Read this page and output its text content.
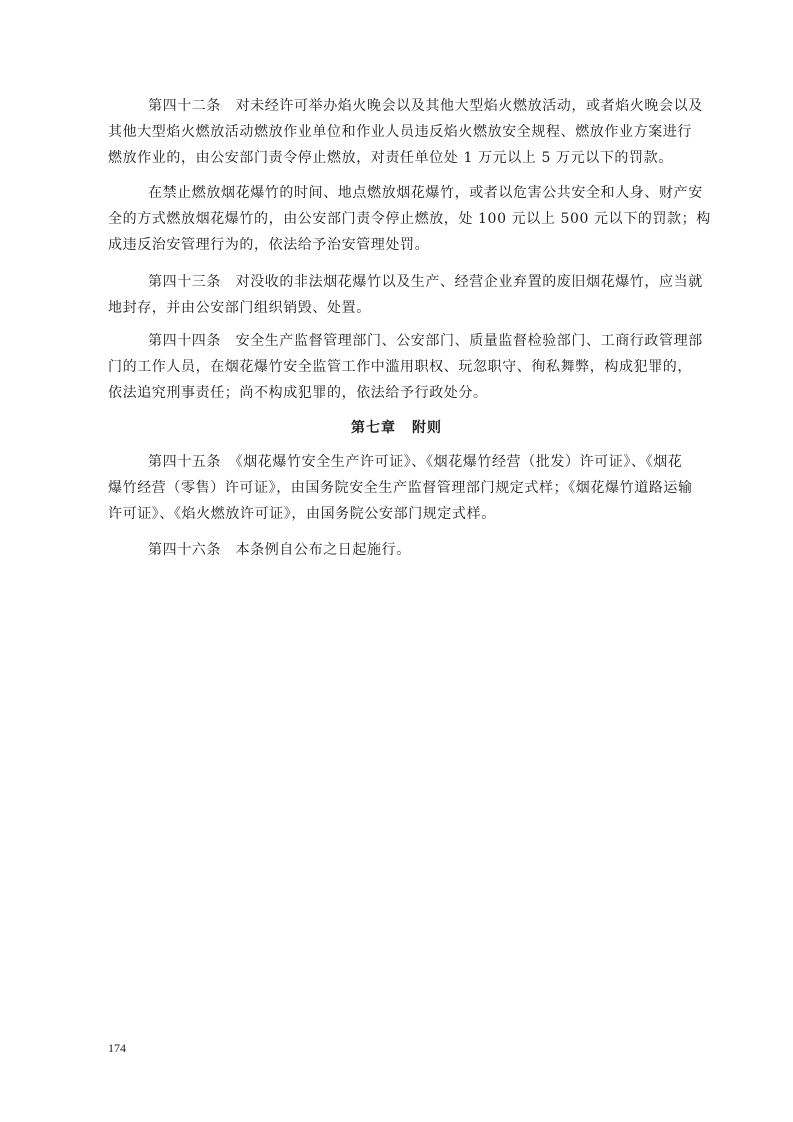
第四十二条　对未经许可举办焰火晚会以及其他大型焰火燃放活动，或者焰火晚会以及
其他大型焰火燃放活动燃放作业单位和作业人员违反焰火燃放安全规程、燃放作业方案进行
燃放作业的，由公安部门责令停止燃放，对责任单位处 1 万元以上 5 万元以下的罚款。
在禁止燃放烟花爆竹的时间、地点燃放烟花爆竹，或者以危害公共安全和人身、财产安
全的方式燃放烟花爆竹的，由公安部门责令停止燃放，处 100 元以上 500 元以下的罚款；构
成违反治安管理行为的，依法给予治安管理处罚。
第四十三条　对没收的非法烟花爆竹以及生产、经营企业弃置的废旧烟花爆竹，应当就
地封存，并由公安部门组织销毁、处置。
第四十四条　安全生产监督管理部门、公安部门、质量监督检验部门、工商行政管理部
门的工作人员，在烟花爆竹安全监管工作中滥用职权、玩忽职守、徇私舞弊，构成犯罪的，
依法追究刑事责任；尚不构成犯罪的，依法给予行政处分。
第七章 附则
第四十五条　《烟花爆竹安全生产许可证》、《烟花爆竹经营（批发）许可证》、《烟花
爆竹经营（零售）许可证》，由国务院安全生产监督管理部门规定式样；《烟花爆竹道路运输
许可证》、《焰火燃放许可证》，由国务院公安部门规定式样。
第四十六条　本条例自公布之日起施行。
174
